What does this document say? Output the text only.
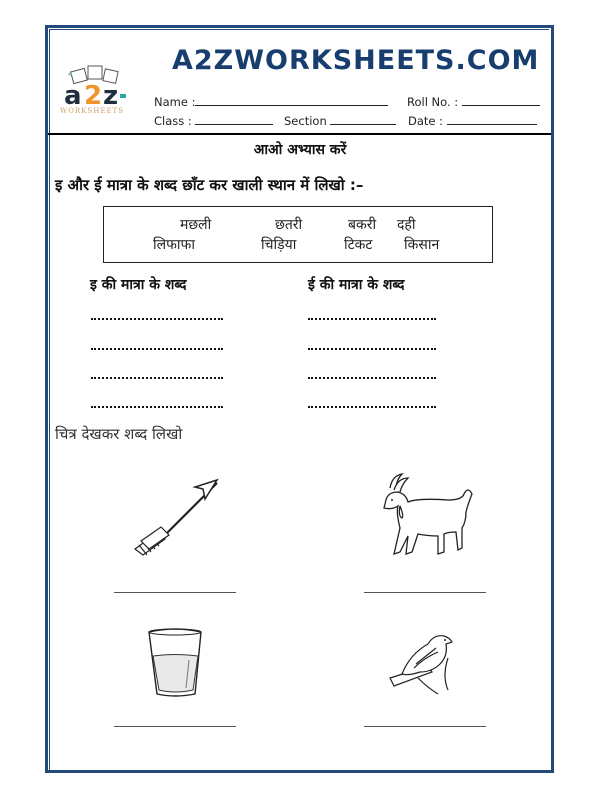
a 2 z
WORKSHEETS
A2ZWORKSHEETS.COM
Name :	Roll No. :
Class :	Section	Date :
आओ अभ्यास करें
इ और ई मात्रा के शब्द छाँट कर खाली स्थान में लिखो :–
मछली	छतरी	बकरी दही
लिफाफा	चिड़िया	टिकट किसान
इ की मात्रा के शब्द	ई की मात्रा के शब्द
चित्र देखकर शब्द लिखो
